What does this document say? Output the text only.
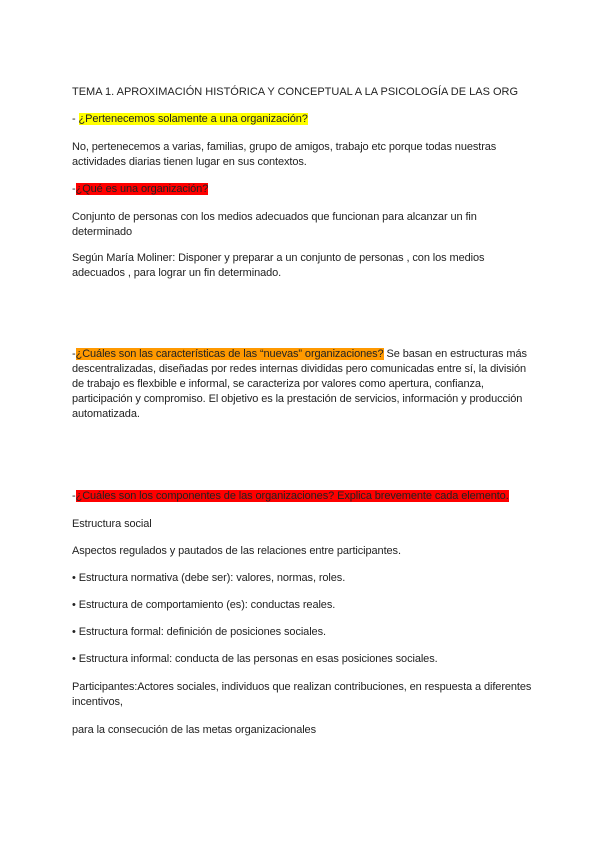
TEMA 1. APROXIMACIÓN HISTÓRICA Y CONCEPTUAL A LA PSICOLOGÍA DE LAS ORG
- ¿Pertenecemos solamente a una organización?
No, pertenecemos a varias, familias, grupo de amigos, trabajo etc porque todas nuestras actividades diarias tienen lugar en sus contextos.
-¿Qué es una organización?
Conjunto de personas con los medios adecuados que funcionan para alcanzar un fin determinado
Según María Moliner: Disponer y preparar a un conjunto de personas , con los medios adecuados , para lograr un fin determinado.
-¿Cuáles son las características de las “nuevas” organizaciones? Se basan en estructuras más descentralizadas, diseñadas por redes internas divididas pero comunicadas entre sí, la división de trabajo es flexbible e informal, se caracteriza por valores como apertura, confianza, participación y compromiso. El objetivo es la prestación de servicios, información y producción automatizada.
-¿Cuáles son los componentes de las organizaciones? Explica brevemente cada elemento.
Estructura social
Aspectos regulados y pautados de las relaciones entre participantes.
• Estructura normativa (debe ser): valores, normas, roles.
• Estructura de comportamiento (es): conductas reales.
• Estructura formal: definición de posiciones sociales.
• Estructura informal: conducta de las personas en esas posiciones sociales.
Participantes:Actores sociales, individuos que realizan contribuciones, en respuesta a diferentes incentivos,
para la consecución de las metas organizacionales
